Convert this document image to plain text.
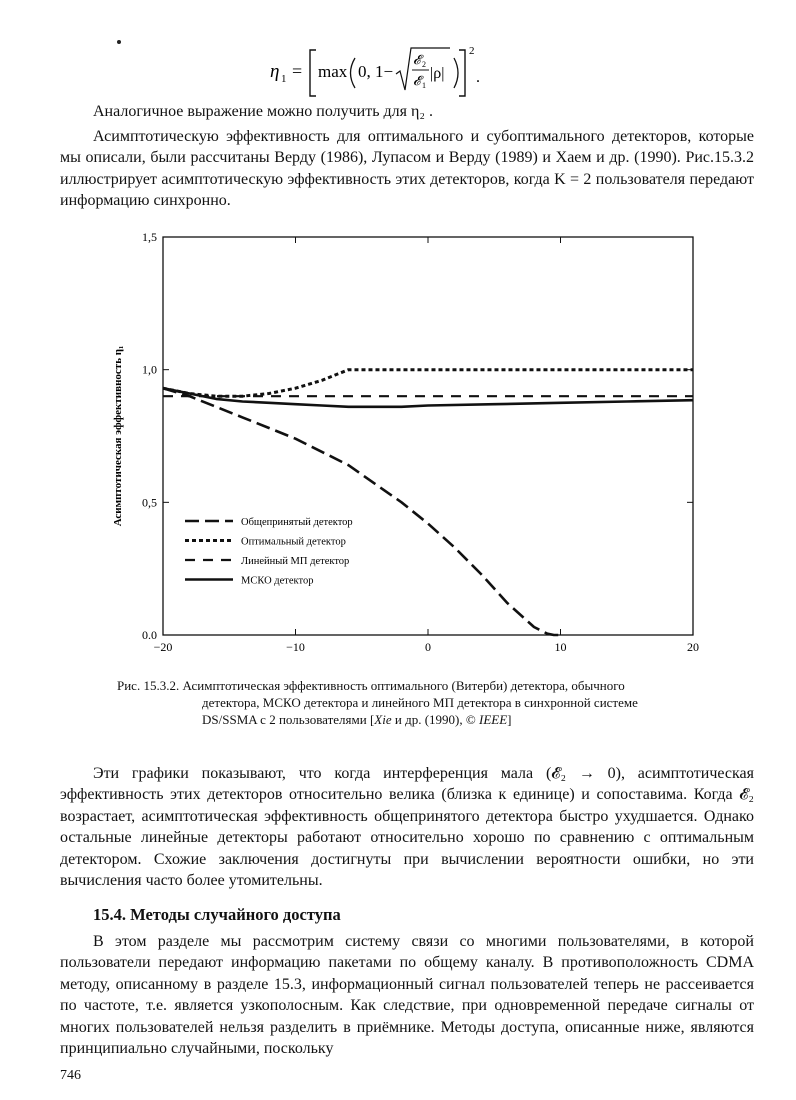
η 1 = max 0, 1−
𝓔 2
𝓔 1
|ρ|
2
.
Аналогичное выражение можно получить для η₂ .
Асимптотическую эффективность для оптимального и субоптимального детекторов, которые мы описали, были рассчитаны Верду (1986), Лупасом и Верду (1989) и Хаем и др. (1990). Рис.15.3.2 иллюстрирует асимптотическую эффективность этих детекторов, когда K = 2 пользователя передают информацию синхронно.
−20	−10	0	10	20
0.0
0,5
1,0
1,5
Общепринятый детектор
Оптимальный детектор
Линейный МП детектор
МСКО детектор
Асимптотическая эффективность η₁
Рис. 15.3.2. Асимптотическая эффективность оптимального (Витерби) детектора, обычного
детектора, МСКО детектора и линейного МП детектора в синхронной системе
DS/SSMA с 2 пользователями [Xie и др. (1990), © IEEE]
Эти графики показывают, что когда интерференция мала (𝓔₂ → 0), асимптотическая эффективность этих детекторов относительно велика (близка к единице) и сопоставима. Когда 𝓔₂ возрастает, асимптотическая эффективность общепринятого детектора быстро ухудшается. Однако остальные линейные детекторы работают относительно хорошо по сравнению с оптимальным детектором. Схожие заключения достигнуты при вычислении вероятности ошибки, но эти вычисления часто более утомительны.
15.4. Методы случайного доступа
В этом разделе мы рассмотрим систему связи со многими пользователями, в которой пользователи передают информацию пакетами по общему каналу. В противоположность CDMA методу, описанному в разделе 15.3, информационный сигнал пользователей теперь не рассеивается по частоте, т.е. является узкополосным. Как следствие, при одновременной передаче сигналы от многих пользователей нельзя разделить в приёмнике. Методы доступа, описанные ниже, являются принципиально случайными, поскольку
746
